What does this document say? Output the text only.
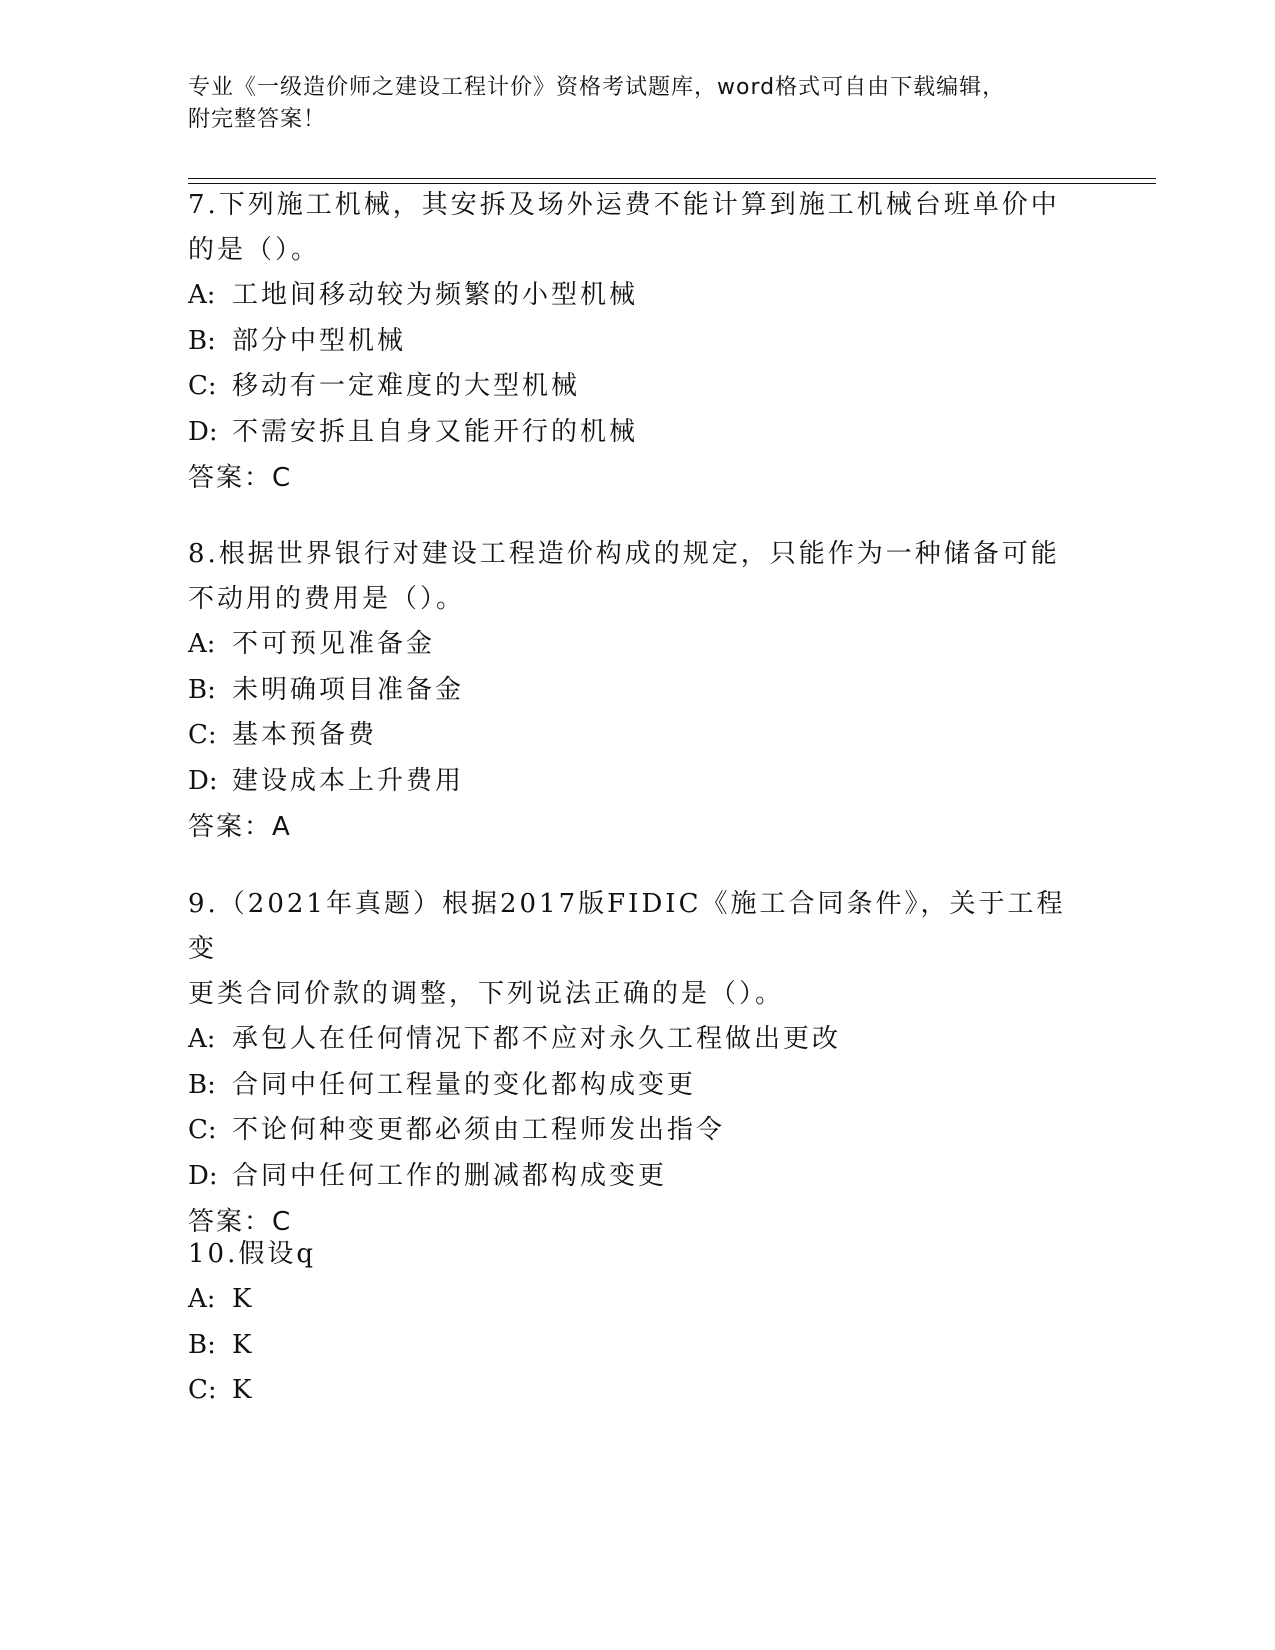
专业《一级造价师之建设工程计价》资格考试题库，word格式可自由下载编辑，
附完整答案！

7.下列施工机械，其安拆及场外运费不能计算到施工机械台班单价中

的是（）。

A: 工地间移动较为频繁的小型机械

B: 部分中型机械

C: 移动有一定难度的大型机械

D: 不需安拆且自身又能开行的机械

答案：C

8.根据世界银行对建设工程造价构成的规定，只能作为一种储备可能

不动用的费用是（）。

A: 不可预见准备金

B: 未明确项目准备金

C: 基本预备费

D: 建设成本上升费用

答案：A

9.（2021年真题）根据2017版FIDIC《施工合同条件》，关于工程变

更类合同价款的调整，下列说法正确的是（）。

A: 承包人在任何情况下都不应对永久工程做出更改

B: 合同中任何工程量的变化都构成变更

C: 不论何种变更都必须由工程师发出指令

D: 合同中任何工作的删减都构成变更

答案：C

10.假设q

A: K

B: K

C: K
